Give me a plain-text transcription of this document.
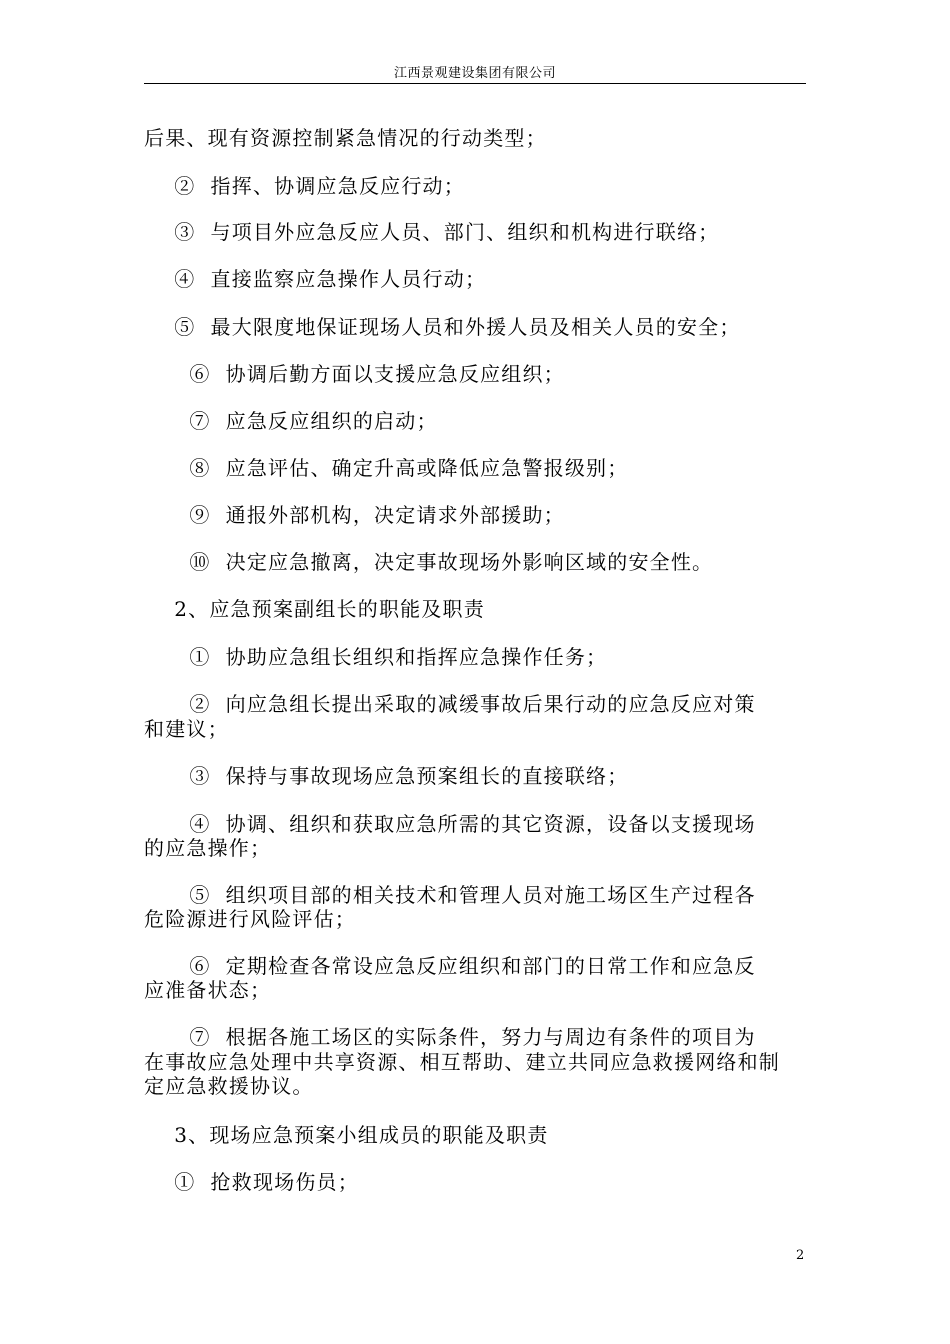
江西景观建设集团有限公司
后果、现有资源控制紧急情况的行动类型；
②  指挥、协调应急反应行动；
③  与项目外应急反应人员、部门、组织和机构进行联络；
④  直接监察应急操作人员行动；
⑤  最大限度地保证现场人员和外援人员及相关人员的安全；
⑥  协调后勤方面以支援应急反应组织；
⑦  应急反应组织的启动；
⑧  应急评估、确定升高或降低应急警报级别；
⑨  通报外部机构，决定请求外部援助；
⑩  决定应急撤离，决定事故现场外影响区域的安全性。
2、应急预案副组长的职能及职责
①  协助应急组长组织和指挥应急操作任务；
②  向应急组长提出采取的减缓事故后果行动的应急反应对策
和建议；
③  保持与事故现场应急预案组长的直接联络；
④  协调、组织和获取应急所需的其它资源，设备以支援现场
的应急操作；
⑤  组织项目部的相关技术和管理人员对施工场区生产过程各
危险源进行风险评估；
⑥  定期检查各常设应急反应组织和部门的日常工作和应急反
应准备状态；
⑦  根据各施工场区的实际条件，努力与周边有条件的项目为
在事故应急处理中共享资源、相互帮助、建立共同应急救援网络和制
定应急救援协议。
3、现场应急预案小组成员的职能及职责
①  抢救现场伤员；
2
